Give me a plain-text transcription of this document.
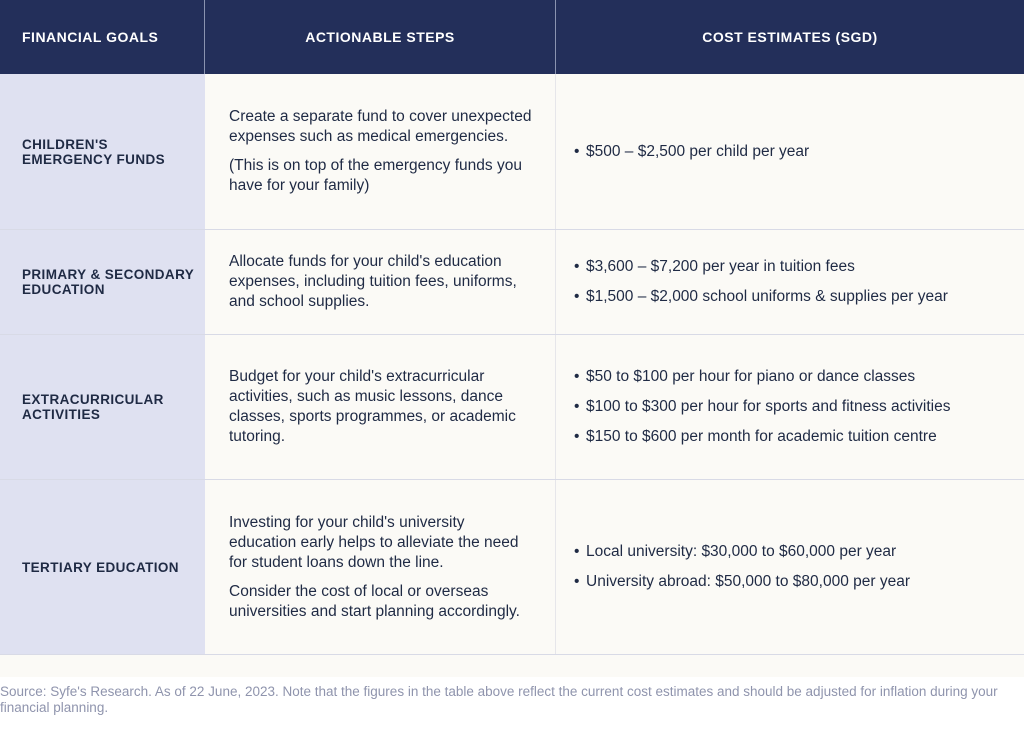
FINANCIAL GOALS	ACTIONABLE STEPS	COST ESTIMATES (SGD)
CHILDREN'S EMERGENCY FUNDS

Create a separate fund to cover unexpected expenses such as medical emergencies.

(This is on top of the emergency funds you have for your family)

• $500 – $2,500 per child per year
PRIMARY & SECONDARY EDUCATION

Allocate funds for your child's education expenses, including tuition fees, uniforms, and school supplies.

• $3,600 – $7,200 per year in tuition fees
• $1,500 – $2,000 school uniforms & supplies per year
EXTRACURRICULAR ACTIVITIES

Budget for your child's extracurricular activities, such as music lessons, dance classes, sports programmes, or academic tutoring.

• $50 to $100 per hour for piano or dance classes
• $100 to $300 per hour for sports and fitness activities
• $150 to $600 per month for academic tuition centre
TERTIARY EDUCATION

Investing for your child's university education early helps to alleviate the need for student loans down the line.

Consider the cost of local or overseas universities and start planning accordingly.

• Local university: $30,000 to $60,000 per year
• University abroad: $50,000 to $80,000 per year
Source: Syfe's Research. As of 22 June, 2023. Note that the figures in the table above reflect the current cost estimates and should be adjusted for inflation during your financial planning.
